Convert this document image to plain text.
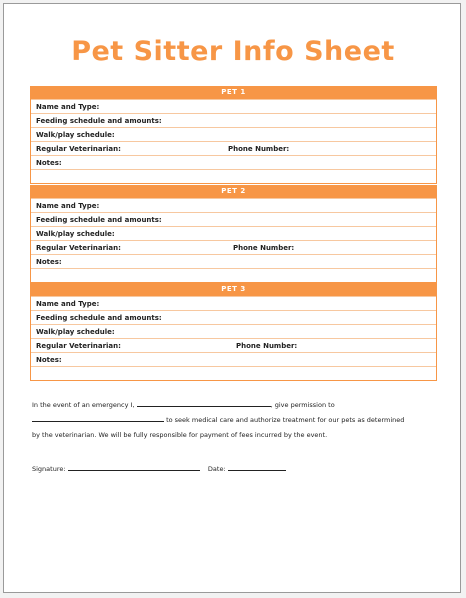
Pet Sitter Info Sheet
PET 1
Name and Type:
Feeding schedule and amounts:
Walk/play schedule:
Regular Veterinarian:	Phone Number:
Notes:
PET 2
Name and Type:
Feeding schedule and amounts:
Walk/play schedule:
Regular Veterinarian:	Phone Number:
Notes:
PET 3
Name and Type:
Feeding schedule and amounts:
Walk/play schedule:
Regular Veterinarian:	Phone Number:
Notes:
In the event of an emergency I,	, give permission to
to seek medical care and authorize treatment for our pets as determined
by the veterinarian. We will be fully responsible for payment of fees incurred by the event.
Signature:	Date:
